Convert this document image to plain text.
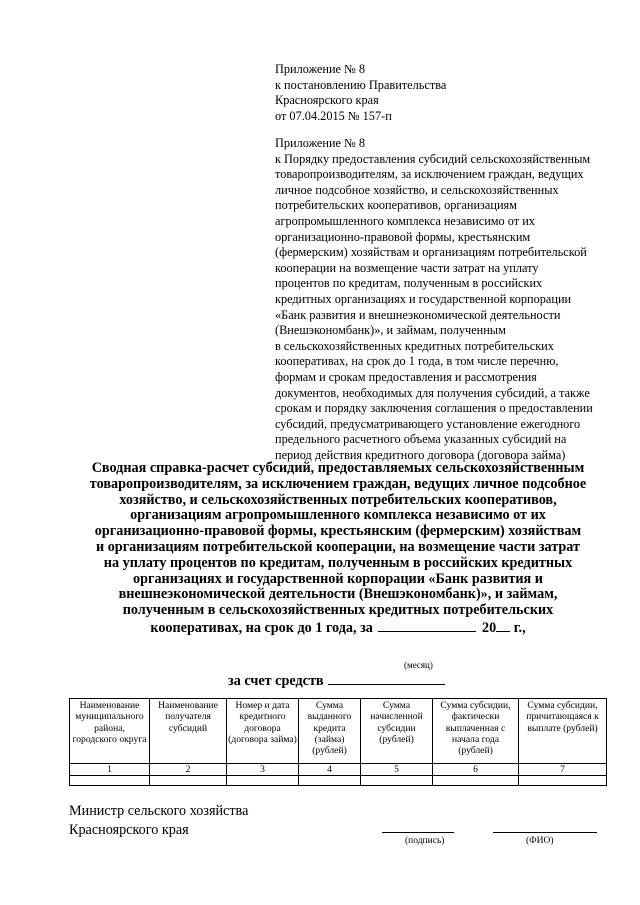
Приложение № 8
к постановлению Правительства
Красноярского края
от 07.04.2015 № 157-п
Приложение № 8
к Порядку предоставления субсидий сельскохозяйственным
товаропроизводителям, за исключением граждан, ведущих
личное подсобное хозяйство, и сельскохозяйственных
потребительских кооперативов, организациям
агропромышленного комплекса независимо от их
организационно-правовой формы, крестьянским
(фермерским) хозяйствам и организациям потребительской
кооперации на возмещение части затрат на уплату
процентов по кредитам, полученным в российских
кредитных организациях и государственной корпорации
«Банк развития и внешнеэкономической деятельности
(Внешэкономбанк)», и займам, полученным
в сельскохозяйственных кредитных потребительских
кооперативах, на срок до 1 года, в том числе перечню,
формам и срокам предоставления и рассмотрения
документов, необходимых для получения субсидий, а также
срокам и порядку заключения соглашения о предоставлении
субсидий, предусматривающего установление ежегодного
предельного расчетного объема указанных субсидий на
период действия кредитного договора (договора займа)
Сводная справка-расчет субсидий, предоставляемых сельскохозяйственным
товаропроизводителям, за исключением граждан, ведущих личное подсобное
хозяйство, и сельскохозяйственных потребительских кооперативов,
организациям агропромышленного комплекса независимо от их
организационно-правовой формы, крестьянским (фермерским) хозяйствам
и организациям потребительской кооперации, на возмещение части затрат
на уплату процентов по кредитам, полученным в российских кредитных
организациях и государственной корпорации «Банк развития и
внешнеэкономической деятельности (Внешэкономбанк)», и займам,
полученным в сельскохозяйственных кредитных потребительских
кооперативах, на срок до 1 года, за	20 г.,
(месяц)
за счет средств
Наименование муниципального района, городского округа	Наименование получателя субсидий	Номер и дата кредитного договора (договора займа)	Сумма выданного кредита (займа) (рублей)	Сумма начисленной субсидии (рублей)	Сумма субсидии, фактически выплаченная с начала года (рублей)	Сумма субсидии, причитающаяся к выплате (рублей)
1	2	3	4	5	6	7

Министр сельского хозяйства
Красноярского края
(подпись)	(ФИО)
